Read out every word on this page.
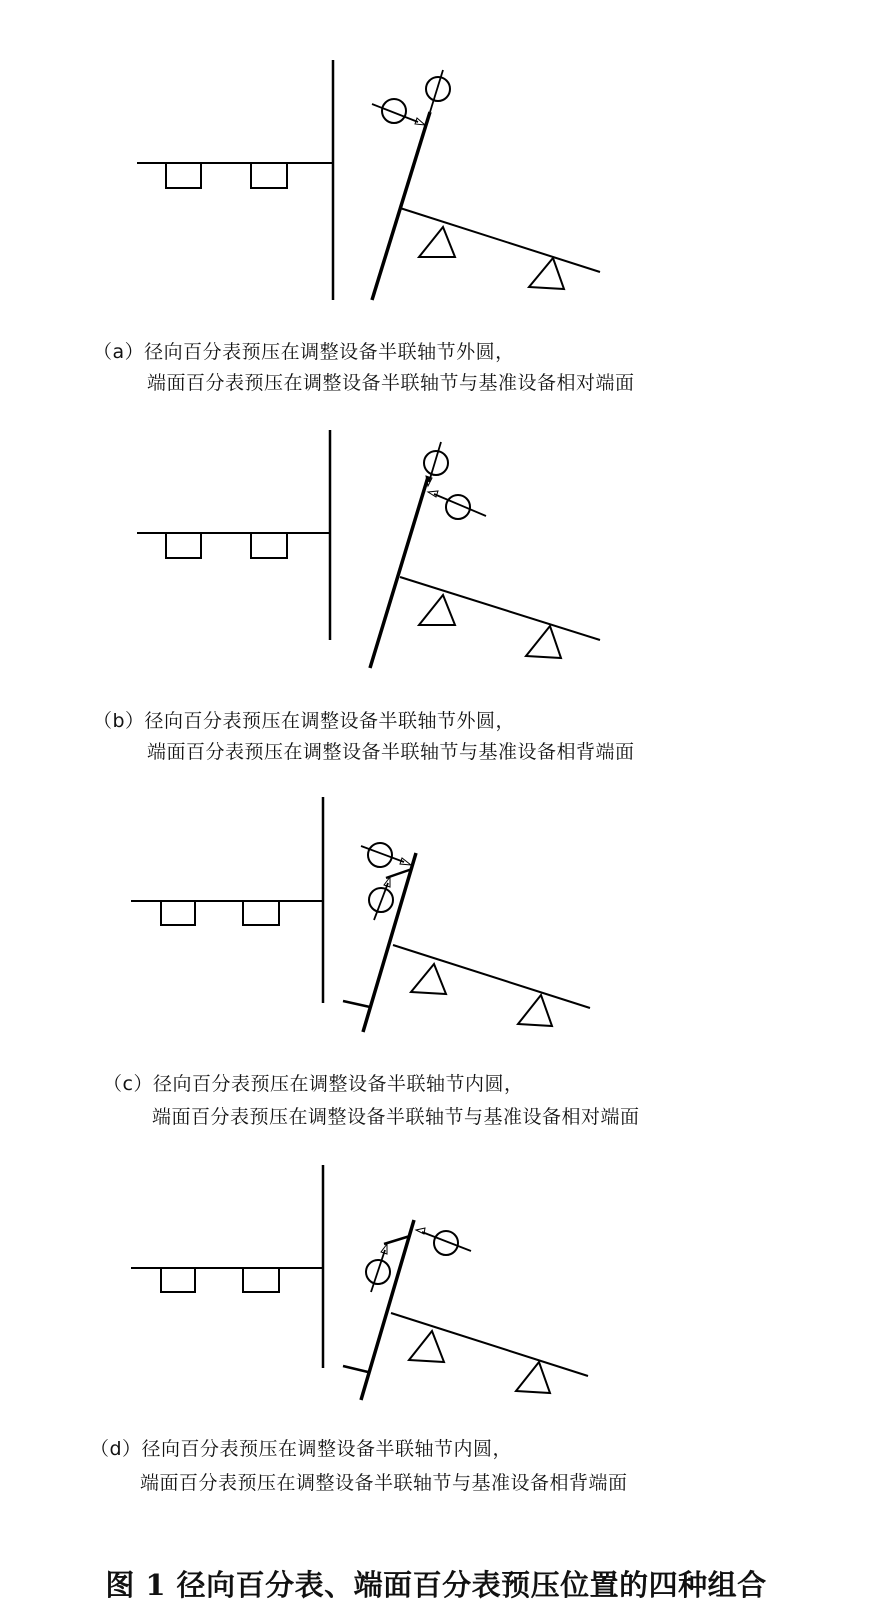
（a）径向百分表预压在调整设备半联轴节外圆，
端面百分表预压在调整设备半联轴节与基准设备相对端面
（b）径向百分表预压在调整设备半联轴节外圆，
端面百分表预压在调整设备半联轴节与基准设备相背端面
（c）径向百分表预压在调整设备半联轴节内圆，
端面百分表预压在调整设备半联轴节与基准设备相对端面
（d）径向百分表预压在调整设备半联轴节内圆，
端面百分表预压在调整设备半联轴节与基准设备相背端面
图 1 径向百分表、端面百分表预压位置的四种组合
